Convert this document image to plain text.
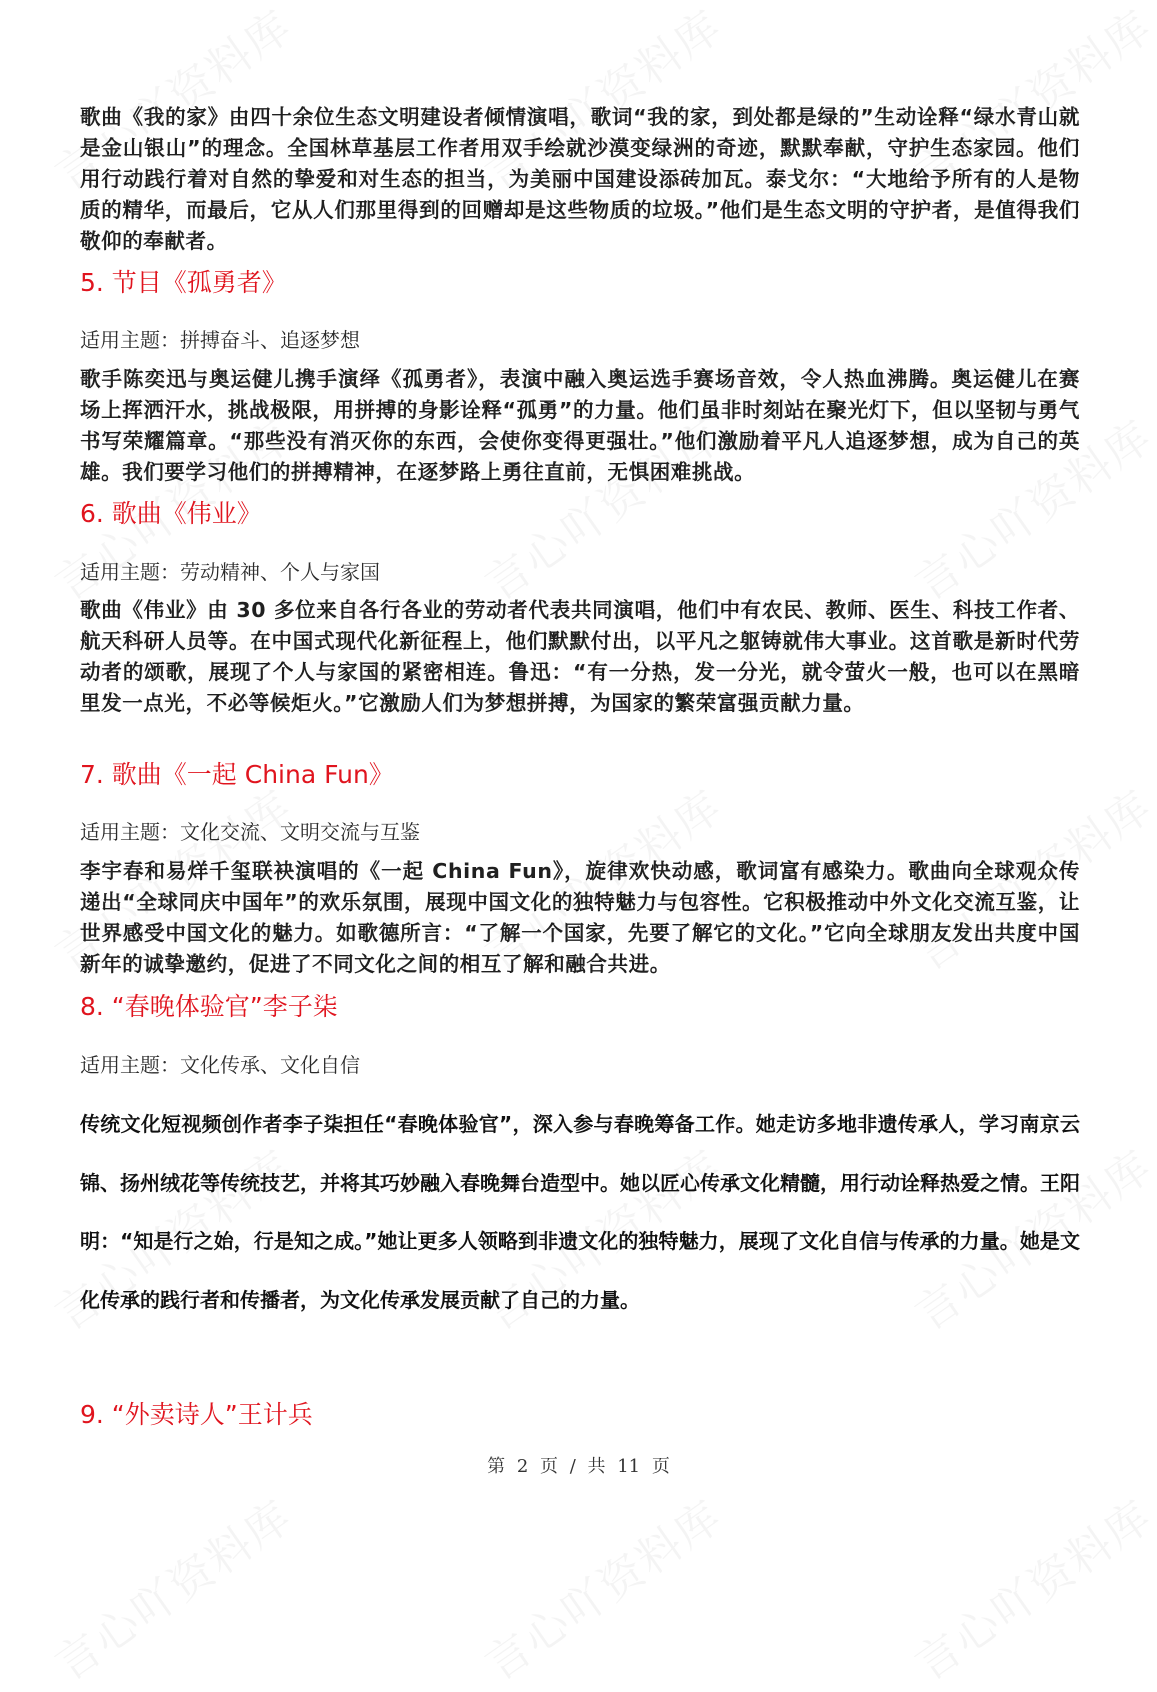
歌曲《我的家》由四十余位生态文明建设者倾情演唱，歌词“我的家，到处都是绿的”生动诠释“绿水青山就是金山银山”的理念。全国林草基层工作者用双手绘就沙漠变绿洲的奇迹，默默奉献，守护生态家园。他们用行动践行着对自然的挚爱和对生态的担当，为美丽中国建设添砖加瓦。泰戈尔：“大地给予所有的人是物质的精华，而最后，它从人们那里得到的回赠却是这些物质的垃圾。”他们是生态文明的守护者，是值得我们敬仰的奉献者。

5. 节目《孤勇者》

适用主题：拼搏奋斗、追逐梦想

歌手陈奕迅与奥运健儿携手演绎《孤勇者》，表演中融入奥运选手赛场音效，令人热血沸腾。奥运健儿在赛场上挥洒汗水，挑战极限，用拼搏的身影诠释“孤勇”的力量。他们虽非时刻站在聚光灯下，但以坚韧与勇气书写荣耀篇章。“那些没有消灭你的东西，会使你变得更强壮。”他们激励着平凡人追逐梦想，成为自己的英雄。我们要学习他们的拼搏精神，在逐梦路上勇往直前，无惧困难挑战。

6. 歌曲《伟业》

适用主题：劳动精神、个人与家国

歌曲《伟业》由 30 多位来自各行各业的劳动者代表共同演唱，他们中有农民、教师、医生、科技工作者、航天科研人员等。在中国式现代化新征程上，他们默默付出，以平凡之躯铸就伟大事业。这首歌是新时代劳动者的颂歌，展现了个人与家国的紧密相连。鲁迅：“有一分热，发一分光，就令萤火一般，也可以在黑暗里发一点光，不必等候炬火。”它激励人们为梦想拼搏，为国家的繁荣富强贡献力量。

7. 歌曲《一起 China Fun》

适用主题：文化交流、文明交流与互鉴

李宇春和易烊千玺联袂演唱的《一起 China Fun》，旋律欢快动感，歌词富有感染力。歌曲向全球观众传递出“全球同庆中国年”的欢乐氛围，展现中国文化的独特魅力与包容性。它积极推动中外文化交流互鉴，让世界感受中国文化的魅力。如歌德所言：“了解一个国家，先要了解它的文化。”它向全球朋友发出共度中国新年的诚挚邀约，促进了不同文化之间的相互了解和融合共进。

8. “春晚体验官”李子柒

适用主题：文化传承、文化自信

传统文化短视频创作者李子柒担任“春晚体验官”，深入参与春晚筹备工作。她走访多地非遗传承人，学习南京云锦、扬州绒花等传统技艺，并将其巧妙融入春晚舞台造型中。她以匠心传承文化精髓，用行动诠释热爱之情。王阳明：“知是行之始，行是知之成。”她让更多人领略到非遗文化的独特魅力，展现了文化自信与传承的力量。她是文化传承的践行者和传播者，为文化传承发展贡献了自己的力量。

9. “外卖诗人”王计兵
第 2 页 / 共 11 页
